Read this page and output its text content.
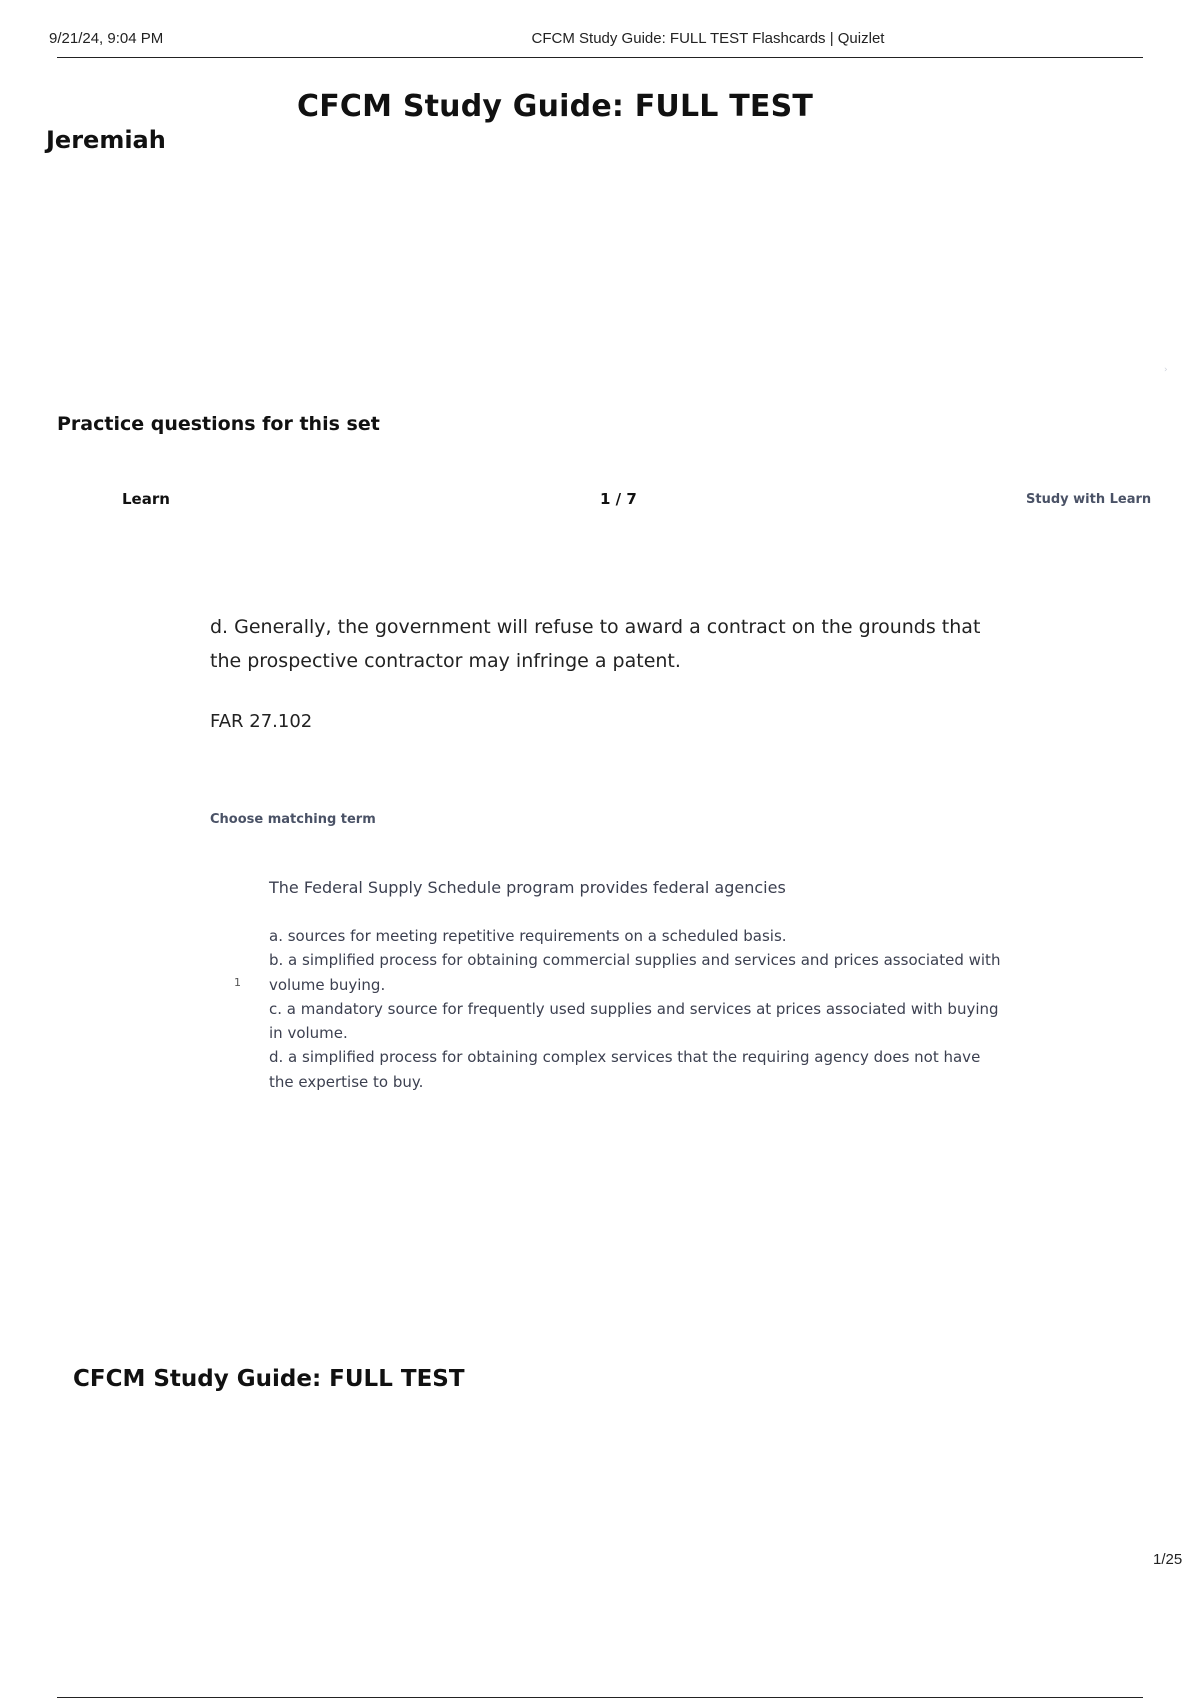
9/21/24, 9:04 PM	CFCM Study Guide: FULL TEST Flashcards | Quizlet
CFCM Study Guide: FULL TEST
Jeremiah
›
Practice questions for this set
Learn	1 / 7	Study with Learn
d. Generally, the government will refuse to award a contract on the grounds that the prospective contractor may infringe a patent.
FAR 27.102
Choose matching term
1
The Federal Supply Schedule program provides federal agencies
a. sources for meeting repetitive requirements on a scheduled basis.
b. a simplified process for obtaining commercial supplies and services and prices associated with volume buying.
c. a mandatory source for frequently used supplies and services at prices associated with buying in volume.
d. a simplified process for obtaining complex services that the requiring agency does not have the expertise to buy.
CFCM Study Guide: FULL TEST
1/25
